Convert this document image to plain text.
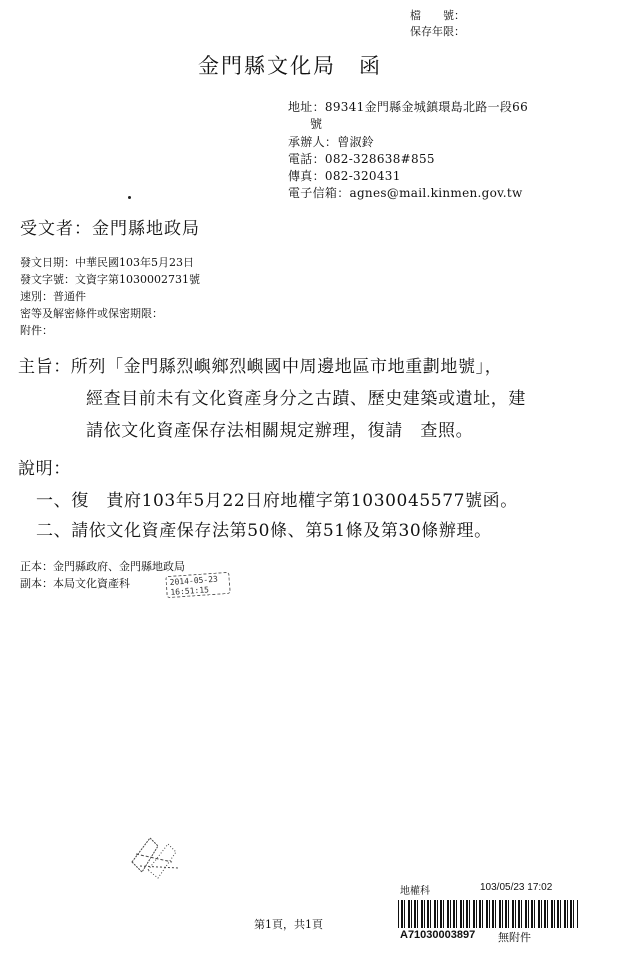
檔　　號：
保存年限：
金門縣文化局　函
地址：89341金門縣金城鎮環島北路一段66
號
承辦人：曾淑鈴
電話：082-328638#855
傳真：082-320431
電子信箱：agnes@mail.kinmen.gov.tw
受文者：金門縣地政局
發文日期：中華民國103年5月23日
發文字號：文資字第1030002731號
速別：普通件
密等及解密條件或保密期限：
附件：
主旨：所列「金門縣烈嶼鄉烈嶼國中周邊地區市地重劃地號」，
經查目前未有文化資產身分之古蹟、歷史建築或遺址，建
請依文化資產保存法相關規定辦理，復請　查照。
說明：
一、復　貴府103年5月22日府地權字第1030045577號函。
二、請依文化資產保存法第50條、第51條及第30條辦理。
正本：金門縣政府、金門縣地政局
副本：本局文化資產科	2014-05-23
16:51:15
第1頁，共1頁
地權科	103/05/23 17:02
A71030003897 無附件
